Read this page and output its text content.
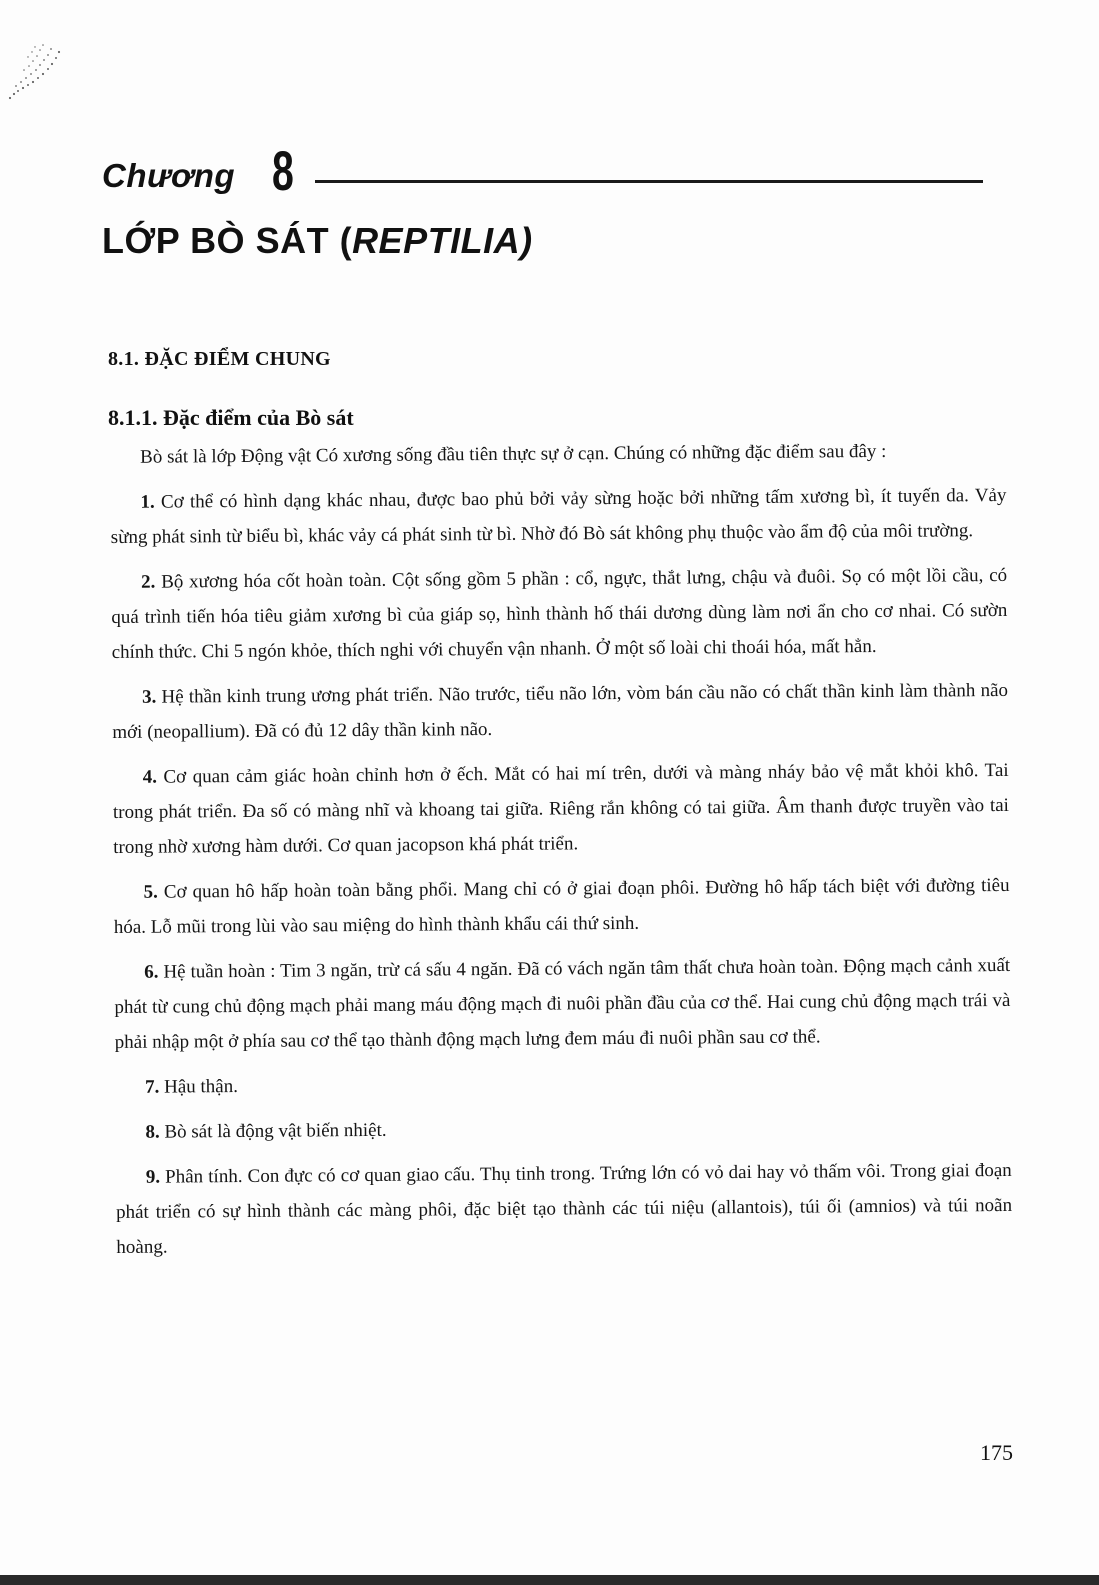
Chương 8
LỚP BÒ SÁT (REPTILIA)
8.1. ĐẶC ĐIỂM CHUNG
8.1.1. Đặc điểm của Bò sát

Bò sát là lớp Động vật Có xương sống đầu tiên thực sự ở cạn. Chúng có những đặc điểm sau đây :

1. Cơ thể có hình dạng khác nhau, được bao phủ bởi vảy sừng hoặc bởi những tấm xương bì, ít tuyến da. Vảy sừng phát sinh từ biểu bì, khác vảy cá phát sinh từ bì. Nhờ đó Bò sát không phụ thuộc vào ẩm độ của môi trường.

2. Bộ xương hóa cốt hoàn toàn. Cột sống gồm 5 phần : cổ, ngực, thắt lưng, chậu và đuôi. Sọ có một lồi cầu, có quá trình tiến hóa tiêu giảm xương bì của giáp sọ, hình thành hố thái dương dùng làm nơi ẩn cho cơ nhai. Có sườn chính thức. Chi 5 ngón khỏe, thích nghi với chuyển vận nhanh. Ở một số loài chi thoái hóa, mất hẳn.

3. Hệ thần kinh trung ương phát triển. Não trước, tiểu não lớn, vòm bán cầu não có chất thần kinh làm thành não mới (neopallium). Đã có đủ 12 dây thần kinh não.

4. Cơ quan cảm giác hoàn chỉnh hơn ở ếch. Mắt có hai mí trên, dưới và màng nháy bảo vệ mắt khỏi khô. Tai trong phát triển. Đa số có màng nhĩ và khoang tai giữa. Riêng rắn không có tai giữa. Âm thanh được truyền vào tai trong nhờ xương hàm dưới. Cơ quan jacopson khá phát triển.

5. Cơ quan hô hấp hoàn toàn bằng phổi. Mang chỉ có ở giai đoạn phôi. Đường hô hấp tách biệt với đường tiêu hóa. Lỗ mũi trong lùi vào sau miệng do hình thành khẩu cái thứ sinh.

6. Hệ tuần hoàn : Tim 3 ngăn, trừ cá sấu 4 ngăn. Đã có vách ngăn tâm thất chưa hoàn toàn. Động mạch cảnh xuất phát từ cung chủ động mạch phải mang máu động mạch đi nuôi phần đầu của cơ thể. Hai cung chủ động mạch trái và phải nhập một ở phía sau cơ thể tạo thành động mạch lưng đem máu đi nuôi phần sau cơ thể.

7. Hậu thận.

8. Bò sát là động vật biến nhiệt.

9. Phân tính. Con đực có cơ quan giao cấu. Thụ tinh trong. Trứng lớn có vỏ dai hay vỏ thấm vôi. Trong giai đoạn phát triển có sự hình thành các màng phôi, đặc biệt tạo thành các túi niệu (allantois), túi ối (amnios) và túi noãn hoàng.

175
